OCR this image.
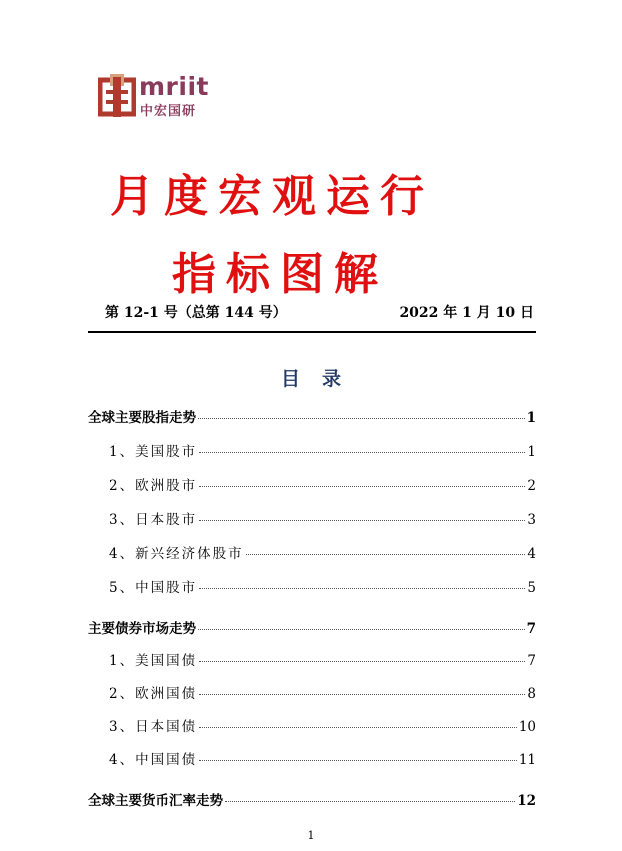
mriit
中宏国研
月度宏观运行
指标图解
第 12-1 号（总第 144 号）	2022 年 1 月 10 日
目录
全球主要股指走势	1
1、美国股市	1
2、欧洲股市	2
3、日本股市	3
4、新兴经济体股市	4
5、中国股市	5
主要债券市场走势	7
1、美国国债	7
2、欧洲国债	8
3、日本国债	10
4、中国国债	11
全球主要货币汇率走势	12
1
